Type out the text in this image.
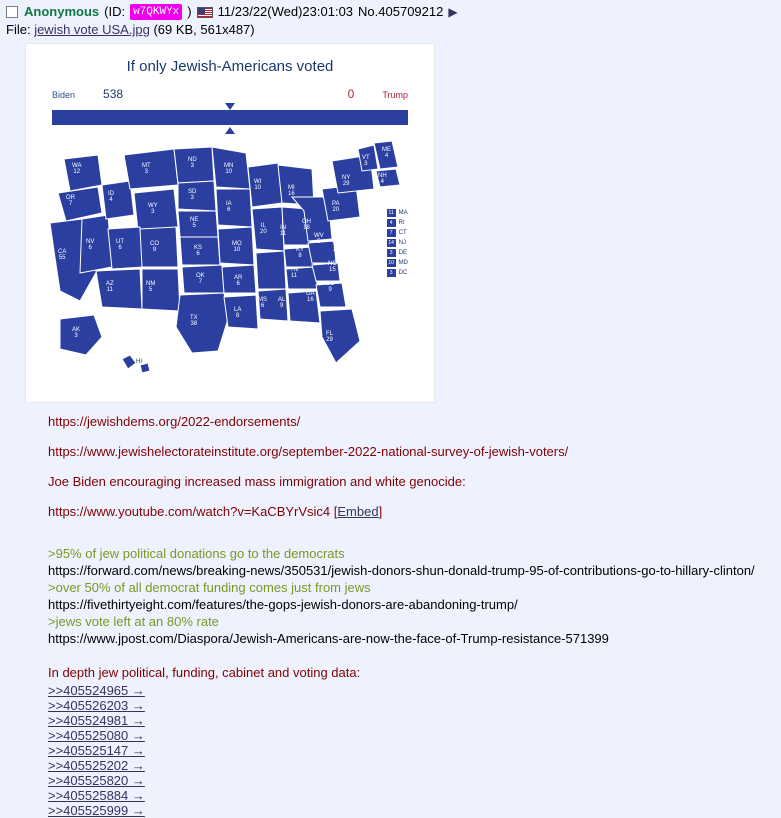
Anonymous (ID: w7QKWYx ) 11/23/22(Wed)23:01:03 No.405709212 ▶
File: jewish vote USA.jpg (69 KB, 561x487)
If only Jewish-Americans voted
Biden 538	0	Trump
WA
12
OR
7
CA
55
NV
6
ID
4
MT
3
WY
3
UT
6
AZ
11
CO
9
NM
5
ND
3
SD
3
NE
5
KS
6
OK
7
TX
38
MN
10
IA
6
MO
10
AR
6
LA
8
WI
10
IL
20
MS
6
AL
9
MI
16
IN
11
OH
18
KY
8
TN
11
GA
16
FL
29
SC
9
NC
15
VA
13
WV
5
PA
20
NY
29
VT
3
NH
4
ME
4
AK
3
HI
11 MA
4	RI
7	CT
14 NJ
3	DE
10 MD
3	DC
https://jewishdems.org/2022-endorsements/
https://www.jewishelectorateinstitute.org/september-2022-national-survey-of-jewish-voters/
Joe Biden encouraging increased mass immigration and white genocide:
https://www.youtube.com/watch?v=KaCBYrVsic4 [Embed]
>95% of jew political donations go to the democrats
https://forward.com/news/breaking-news/350531/jewish-donors-shun-donald-trump-95-of-contributions-go-to-hillary-clinton/
>over 50% of all democrat funding comes just from jews
https://fivethirtyeight.com/features/the-gops-jewish-donors-are-abandoning-trump/
>jews vote left at an 80% rate
https://www.jpost.com/Diaspora/Jewish-Americans-are-now-the-face-of-Trump-resistance-571399
In depth jew political, funding, cabinet and voting data:
>>405524965 →
>>405526203 →
>>405524981 →
>>405525080 →
>>405525147 →
>>405525202 →
>>405525820 →
>>405525884 →
>>405525999 →
